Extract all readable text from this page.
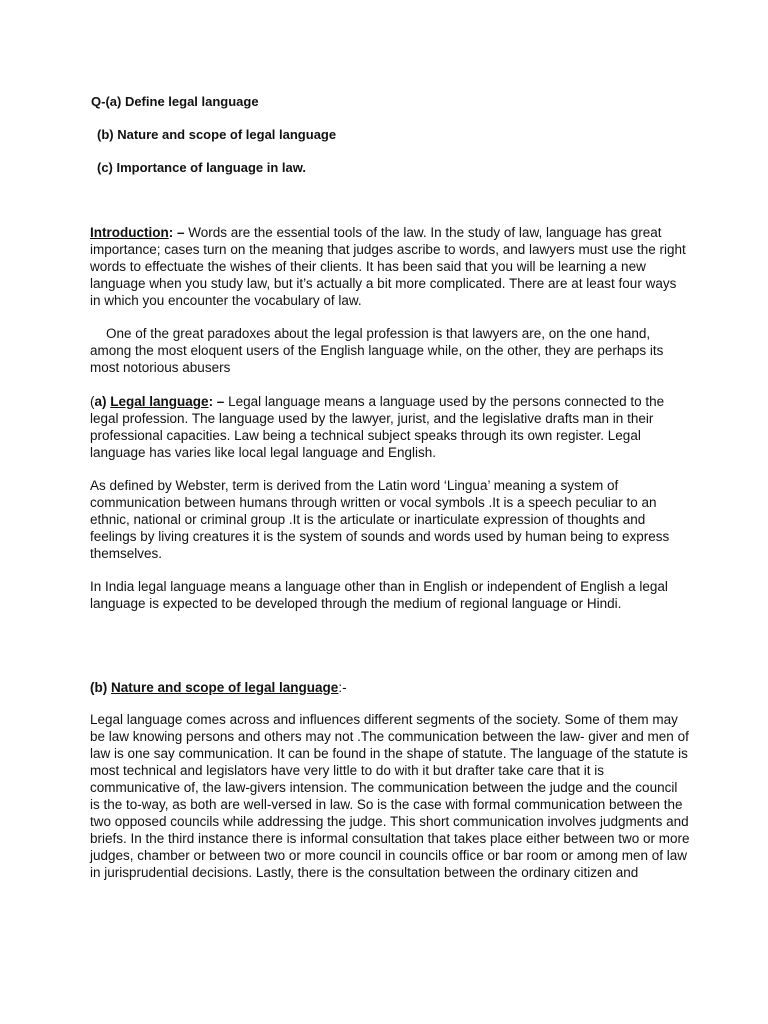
Q-(a) Define legal language
(b) Nature and scope of legal language
(c) Importance of language in law.

Introduction: – Words are the essential tools of the law. In the study of law, language has great importance; cases turn on the meaning that judges ascribe to words, and lawyers must use the right words to effectuate the wishes of their clients. It has been said that you will be learning a new language when you study law, but it’s actually a bit more complicated. There are at least four ways in which you encounter the vocabulary of law.

One of the great paradoxes about the legal profession is that lawyers are, on the one hand, among the most eloquent users of the English language while, on the other, they are perhaps its most notorious abusers

(a) Legal language: – Legal language means a language used by the persons connected to the legal profession. The language used by the lawyer, jurist, and the legislative drafts man in their professional capacities. Law being a technical subject speaks through its own register. Legal language has varies like local legal language and English.

As defined by Webster, term is derived from the Latin word ‘Lingua’ meaning a system of communication between humans through written or vocal symbols .It is a speech peculiar to an ethnic, national or criminal group .It is the articulate or inarticulate expression of thoughts and feelings by living creatures it is the system of sounds and words used by human being to express themselves.

In India legal language means a language other than in English or independent of English a legal language is expected to be developed through the medium of regional language or Hindi.

(b) Nature and scope of legal language:-

Legal language comes across and influences different segments of the society. Some of them may be law knowing persons and others may not .The communication between the law- giver and men of law is one say communication. It can be found in the shape of statute. The language of the statute is most technical and legislators have very little to do with it but drafter take care that it is communicative of, the law-givers intension. The communication between the judge and the council is the to-way, as both are well-versed in law. So is the case with formal communication between the two opposed councils while addressing the judge. This short communication involves judgments and briefs. In the third instance there is informal consultation that takes place either between two or more judges, chamber or between two or more council in councils office or bar room or among men of law in jurisprudential decisions. Lastly, there is the consultation between the ordinary citizen and
